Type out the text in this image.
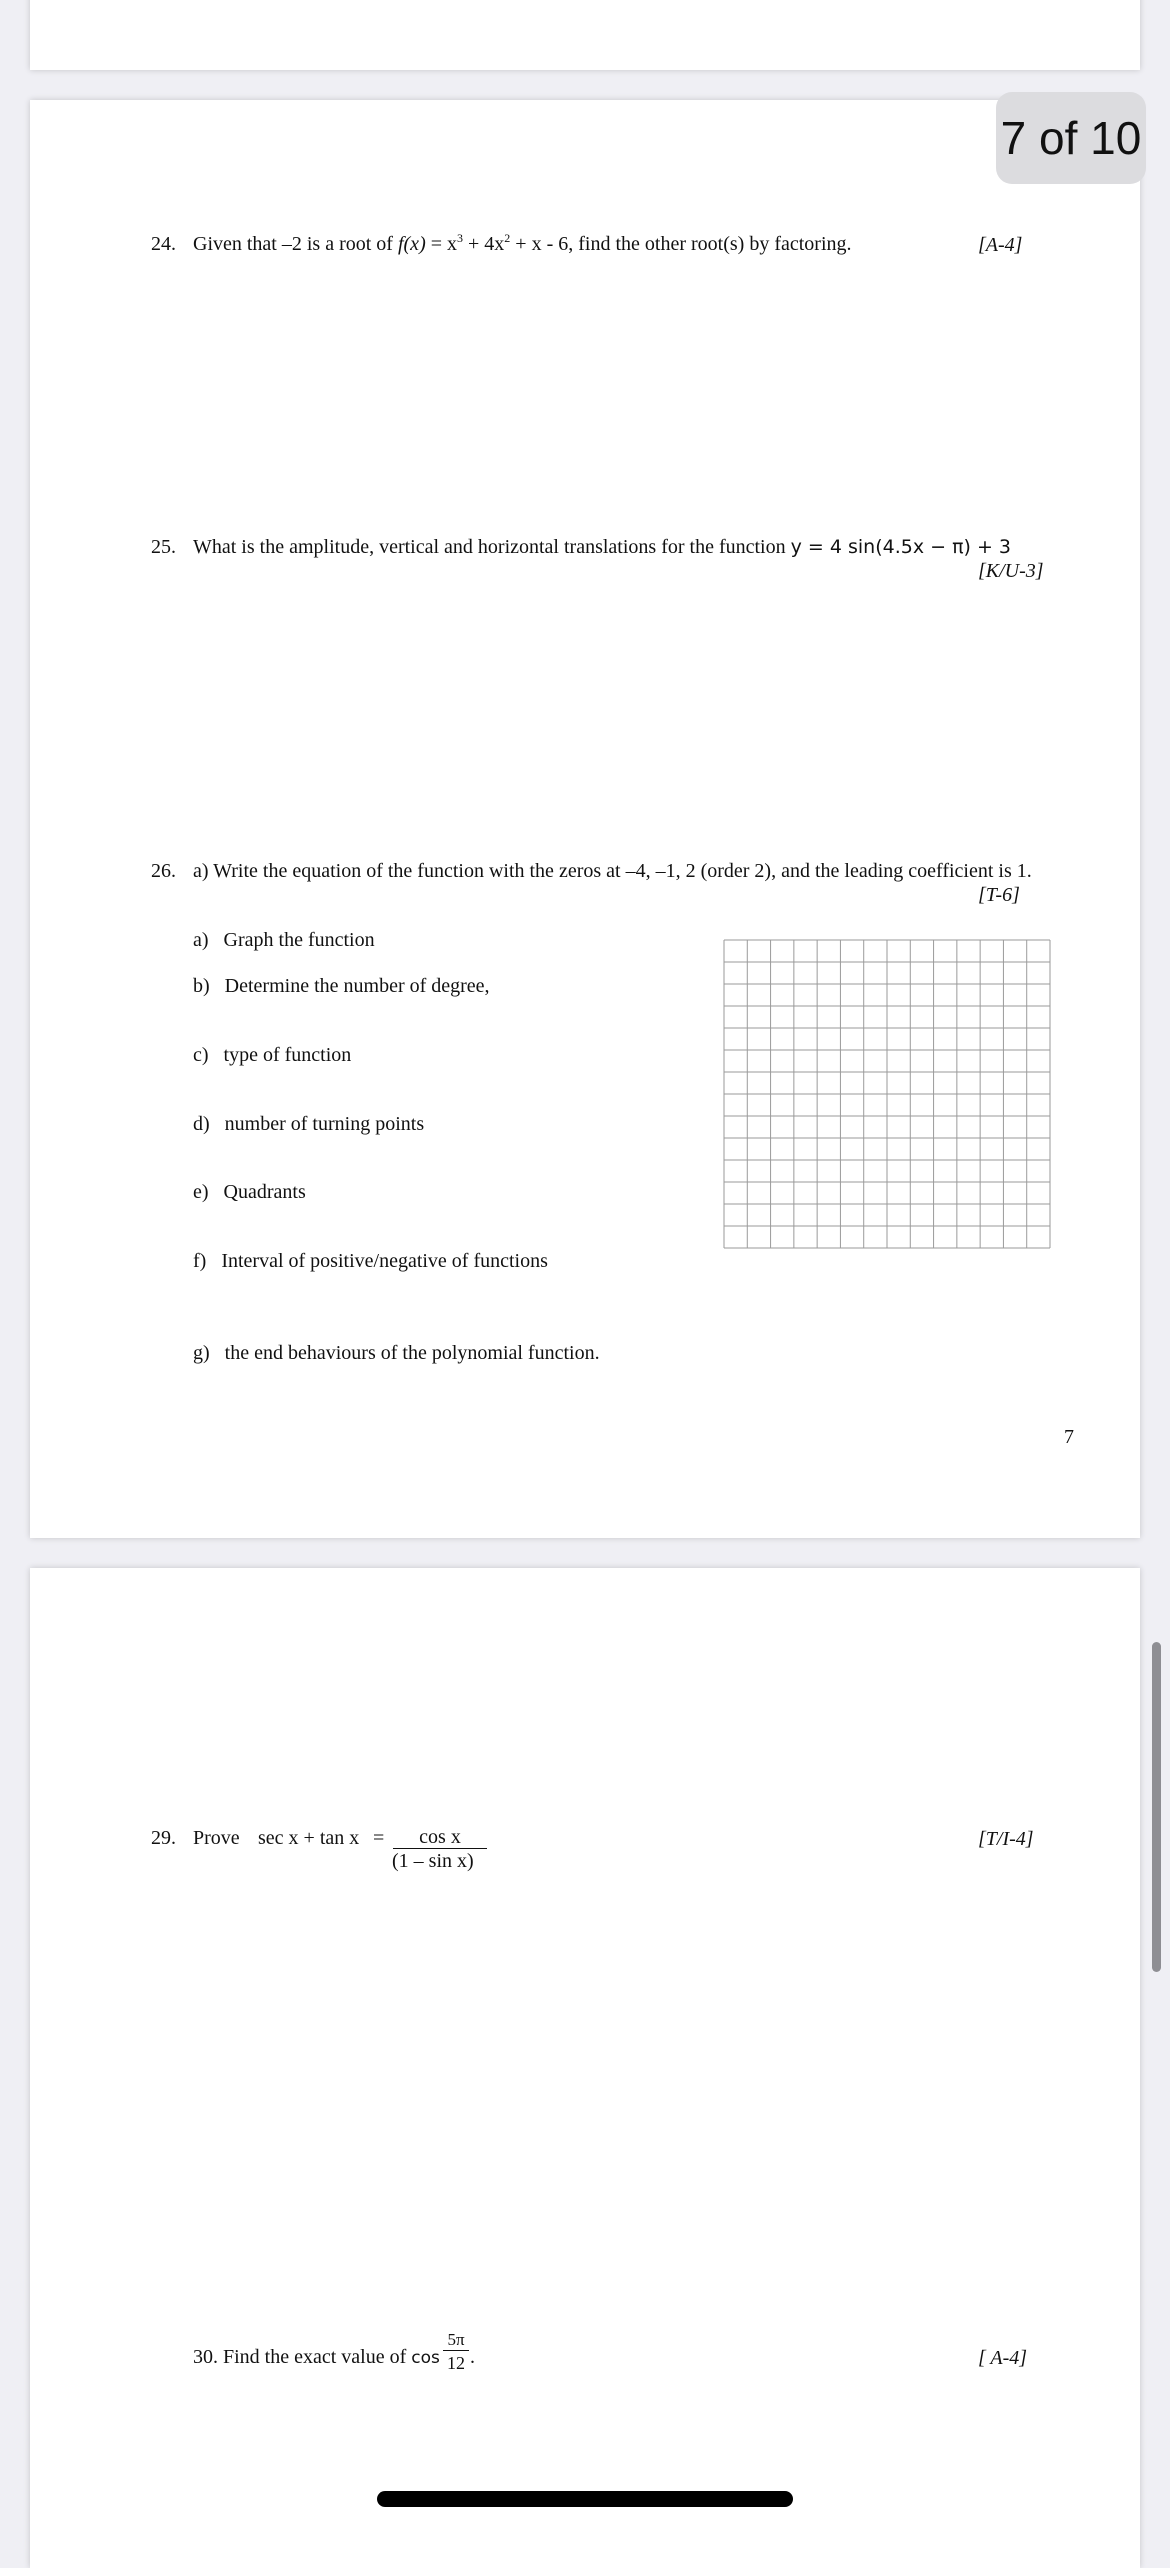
7 of 10
24. Given that –2 is a root of $f(x) = x^3 + 4x^2 + x - 6$, find the other root(s) by factoring.	[A-4]
25. What is the amplitude, vertical and horizontal translations for the function y = 4 sin(4.5x − π) + 3
[K/U-3]
26. a) Write the equation of the function with the zeros at –4, –1, 2 (order 2), and the leading coefficient is 1.
[T-6]
a) Graph the function
b) Determine the number of degree,
c) type of function
d) number of turning points
e) Quadrants
f) Interval of positive/negative of functions
g) the end behaviours of the polynomial function.
7
29. Prove sec x + tan x =	cos x
(1 – sin x)
[T/I-4]
30. Find the exact value of cos
5π
12 .	[ A-4]
